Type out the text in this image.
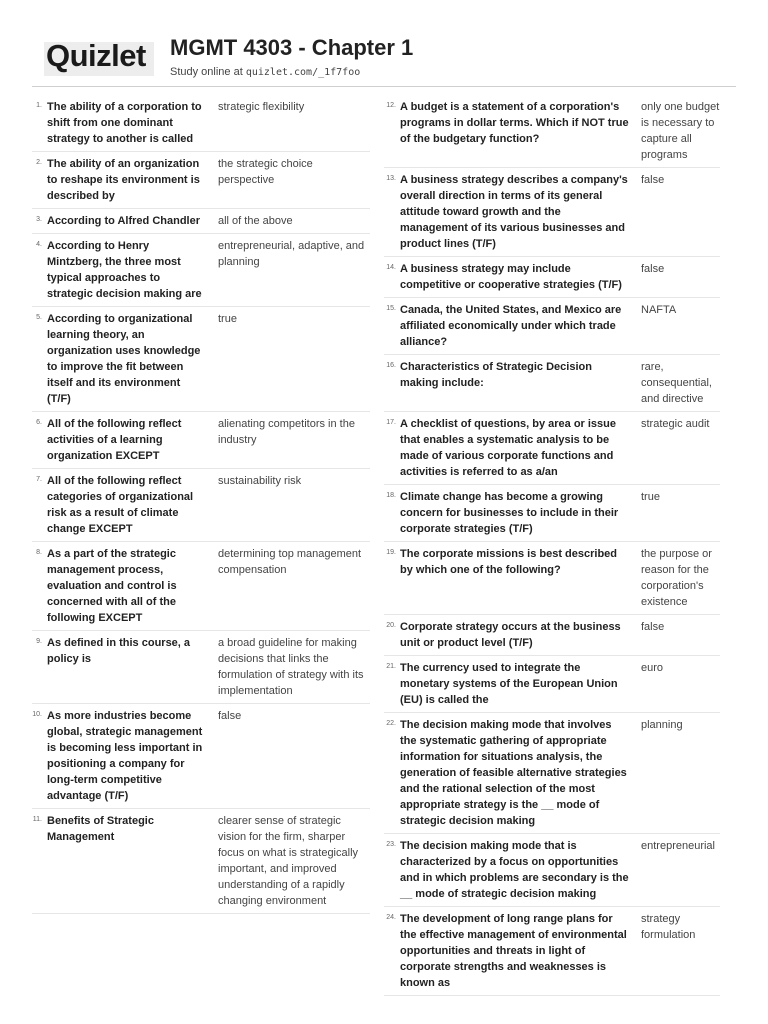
Quizlet MGMT 4303 - Chapter 1
Study online at quizlet.com/_1f7foo
1. The ability of a corporation to shift from one dominant strategy to another is called
strategic flexibility
2. The ability of an organization to reshape its environment is described by
the strategic choice perspective
3. According to Alfred Chandler all of the above
4. According to Henry Mintzberg, the three most typical approaches to strategic decision making are
entrepreneurial, adaptive, and planning
5. According to organizational learning theory, an organization uses knowledge to improve the fit between itself and its environment (T/F)
true
6. All of the following reflect activities of a learning organization EXCEPT
alienating competitors in the industry
7. All of the following reflect categories of organizational risk as a result of climate change EXCEPT
sustainability risk
8. As a part of the strategic management process, evaluation and control is concerned with all of the following EXCEPT
determining top management compensation
9. As defined in this course, a policy is
a broad guideline for making decisions that links the formulation of strategy with its implementation
10. As more industries become global, strategic management is becoming less important in positioning a company for long-term competitive advantage (T/F)
false
11. Benefits of Strategic Management
clearer sense of strategic vision for the firm, sharper focus on what is strategically important, and improved understanding of a rapidly changing environment
12. A budget is a statement of a corporation's programs in dollar terms. Which if NOT true of the budgetary function?
only one budget is necessary to capture all programs
13. A business strategy describes a company's overall direction in terms of its general attitude toward growth and the management of its various businesses and product lines (T/F)
false
14. A business strategy may include competitive or cooperative strategies (T/F)
false
15. Canada, the United States, and Mexico are affiliated economically under which trade alliance?
NAFTA
16. Characteristics of Strategic Decision making include:
rare, consequential, and directive
17. A checklist of questions, by area or issue that enables a systematic analysis to be made of various corporate functions and activities is referred to as a/an
strategic audit
18. Climate change has become a growing concern for businesses to include in their corporate strategies (T/F)
true
19. The corporate missions is best described by which one of the following?
the purpose or reason for the corporation's existence
20. Corporate strategy occurs at the business unit or product level (T/F)
false
21. The currency used to integrate the monetary systems of the European Union (EU) is called the
euro
22. The decision making mode that involves the systematic gathering of appropriate information for situations analysis, the generation of feasible alternative strategies and the rational selection of the most appropriate strategy is the __ mode of strategic decision making
planning
23. The decision making mode that is characterized by a focus on opportunities and in which problems are secondary is the __ mode of strategic decision making
entrepreneurial
24. The development of long range plans for the effective management of environmental opportunities and threats in light of corporate strengths and weaknesses is known as
strategy formulation
